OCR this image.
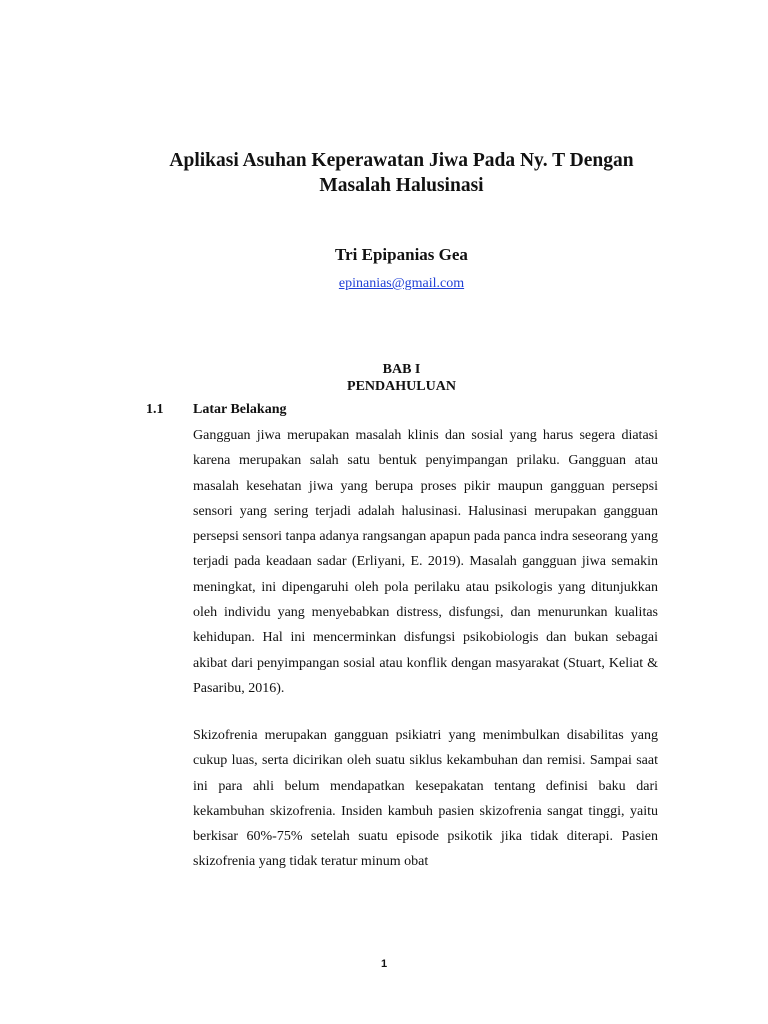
Aplikasi Asuhan Keperawatan Jiwa Pada Ny. T Dengan
Masalah Halusinasi
Tri Epipanias Gea
epinanias@gmail.com
BAB I
PENDAHULUAN
1.1 Latar Belakang

Gangguan jiwa merupakan masalah klinis dan sosial yang harus segera diatasi karena merupakan salah satu bentuk penyimpangan prilaku. Gangguan atau masalah kesehatan jiwa yang berupa proses pikir maupun gangguan persepsi sensori yang sering terjadi adalah halusinasi. Halusinasi merupakan gangguan persepsi sensori tanpa adanya rangsangan apapun pada panca indra seseorang yang terjadi pada keadaan sadar (Erliyani, E. 2019). Masalah gangguan jiwa semakin meningkat, ini dipengaruhi oleh pola perilaku atau psikologis yang ditunjukkan oleh individu yang menyebabkan distress, disfungsi, dan menurunkan kualitas kehidupan. Hal ini mencerminkan disfungsi psikobiologis dan bukan sebagai akibat dari penyimpangan sosial atau konflik dengan masyarakat (Stuart, Keliat & Pasaribu, 2016).

Skizofrenia merupakan gangguan psikiatri yang menimbulkan disabilitas yang cukup luas, serta dicirikan oleh suatu siklus kekambuhan dan remisi. Sampai saat ini para ahli belum mendapatkan kesepakatan tentang definisi baku dari kekambuhan skizofrenia. Insiden kambuh pasien skizofrenia sangat tinggi, yaitu berkisar 60%-75% setelah suatu episode psikotik jika tidak diterapi. Pasien skizofrenia yang tidak teratur minum obat

1
